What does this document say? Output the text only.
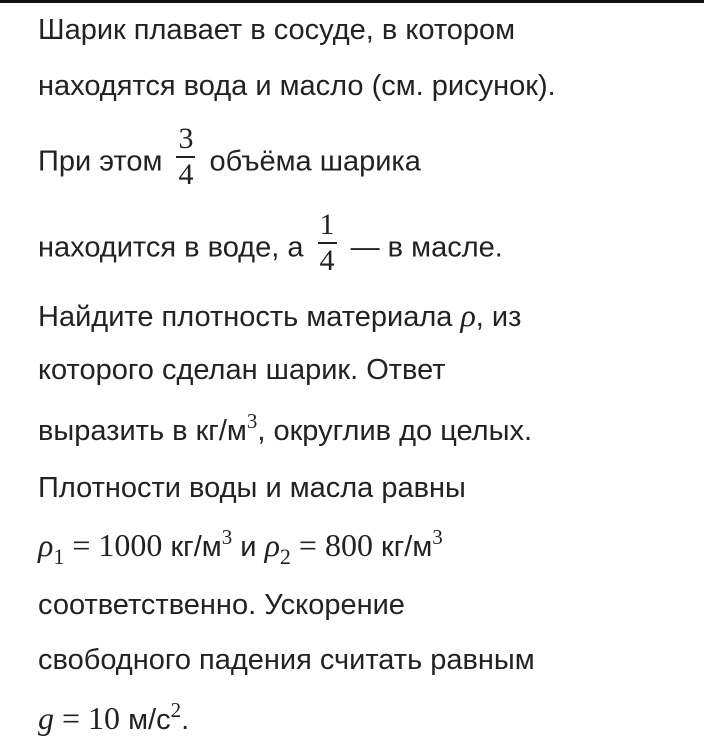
Шарик плавает в сосуде, в котором
находятся вода и масло (см. рисунок).
При этом $\frac{3}{4}$ объёма шарика
находится в воде, а $\frac{1}{4}$ — в масле.
Найдите плотность материала ρ, из
которого сделан шарик. Ответ
выразить в $кг/м^3$, округлив до целых.
Плотности воды и масла равны
$\rho_1 = 1000$ $кг/м^3$ и $\rho_2 = 800$ $кг/м^3$
соответственно. Ускорение
свободного падения считать равным
g = 10 $м/с^2$.
